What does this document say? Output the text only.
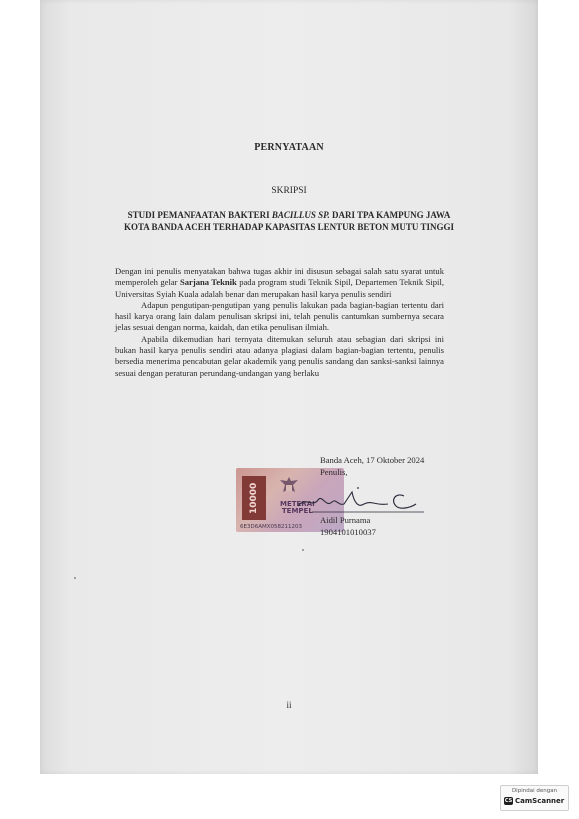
PERNYATAAN
SKRIPSI
STUDI PEMANFAATAN BAKTERI BACILLUS SP. DARI TPA KAMPUNG JAWA KOTA BANDA ACEH TERHADAP KAPASITAS LENTUR BETON MUTU TINGGI

Dengan ini penulis menyatakan bahwa tugas akhir ini disusun sebagai salah satu syarat untuk memperoleh gelar Sarjana Teknik pada program studi Teknik Sipil, Departemen Teknik Sipil, Universitas Syiah Kuala adalah benar dan merupakan hasil karya penulis sendiri

Adapun pengutipan-pengutipan yang penulis lakukan pada bagian-bagian tertentu dari hasil karya orang lain dalam penulisan skripsi ini, telah penulis cantumkan sumbernya secara jelas sesuai dengan norma, kaidah, dan etika penulisan ilmiah.

Apabila dikemudian hari ternyata ditemukan seluruh atau sebagian dari skripsi ini bukan hasil karya penulis sendiri atau adanya plagiasi dalam bagian-bagian tertentu, penulis bersedia menerima pencabutan gelar akademik yang penulis sandang dan sanksi-sanksi lainnya sesuai dengan peraturan perundang-undangan yang berlaku

10000	METERAI
TEMPEL
6E3D6AMX058211203
Banda Aceh, 17 Oktober 2024
Penulis,
Aidil Purnama
1904101010037
ii
Dipindai dengan
CS CamScanner
